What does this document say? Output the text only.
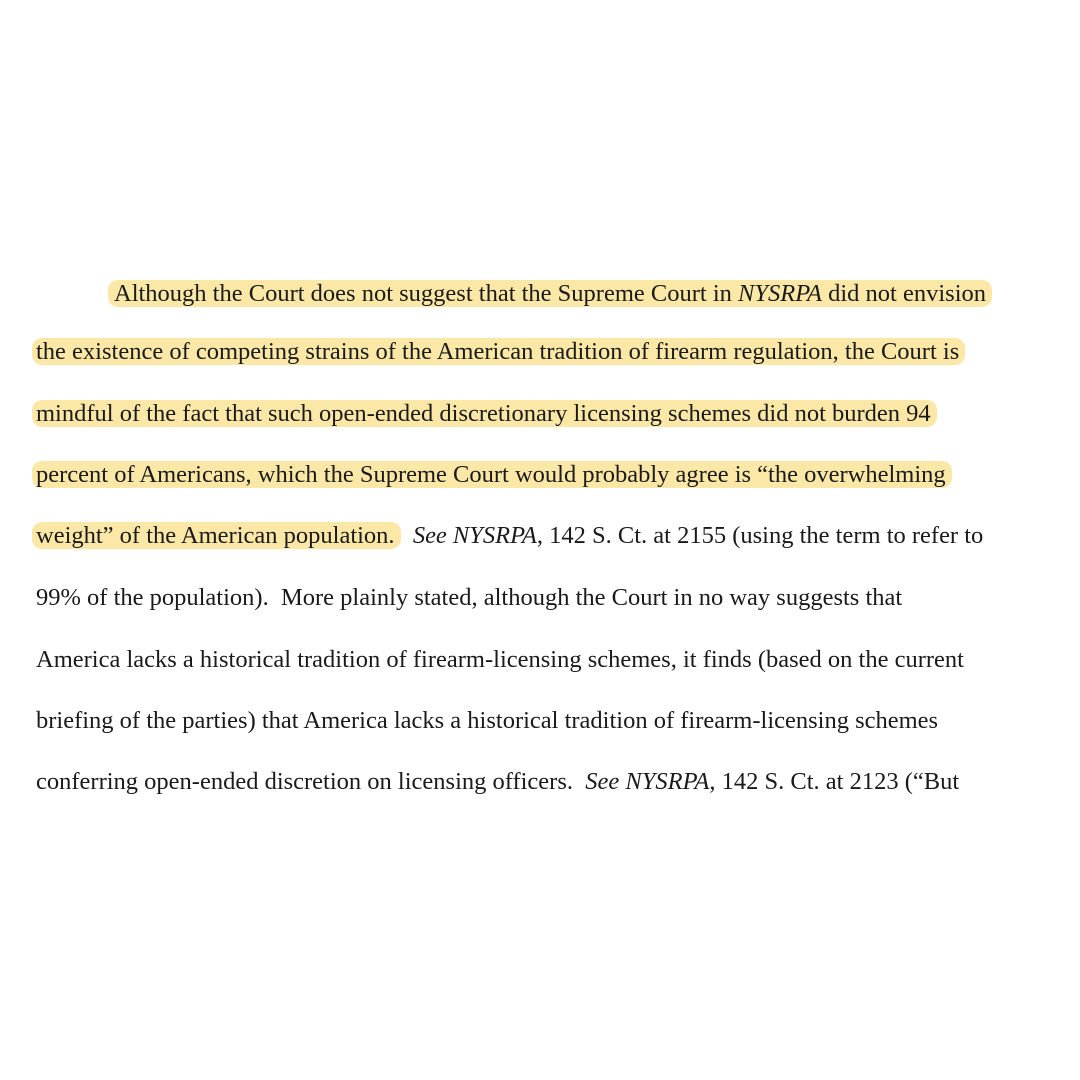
Although the Court does not suggest that the Supreme Court in NYSRPA did not envision
the existence of competing strains of the American tradition of firearm regulation, the Court is
mindful of the fact that such open-ended discretionary licensing schemes did not burden 94
percent of Americans, which the Supreme Court would probably agree is “the overwhelming
weight” of the American population. See NYSRPA, 142 S. Ct. at 2155 (using the term to refer to
99% of the population).  More plainly stated, although the Court in no way suggests that
America lacks a historical tradition of firearm-licensing schemes, it finds (based on the current
briefing of the parties) that America lacks a historical tradition of firearm-licensing schemes
conferring open-ended discretion on licensing officers.  See NYSRPA, 142 S. Ct. at 2123 (“But
